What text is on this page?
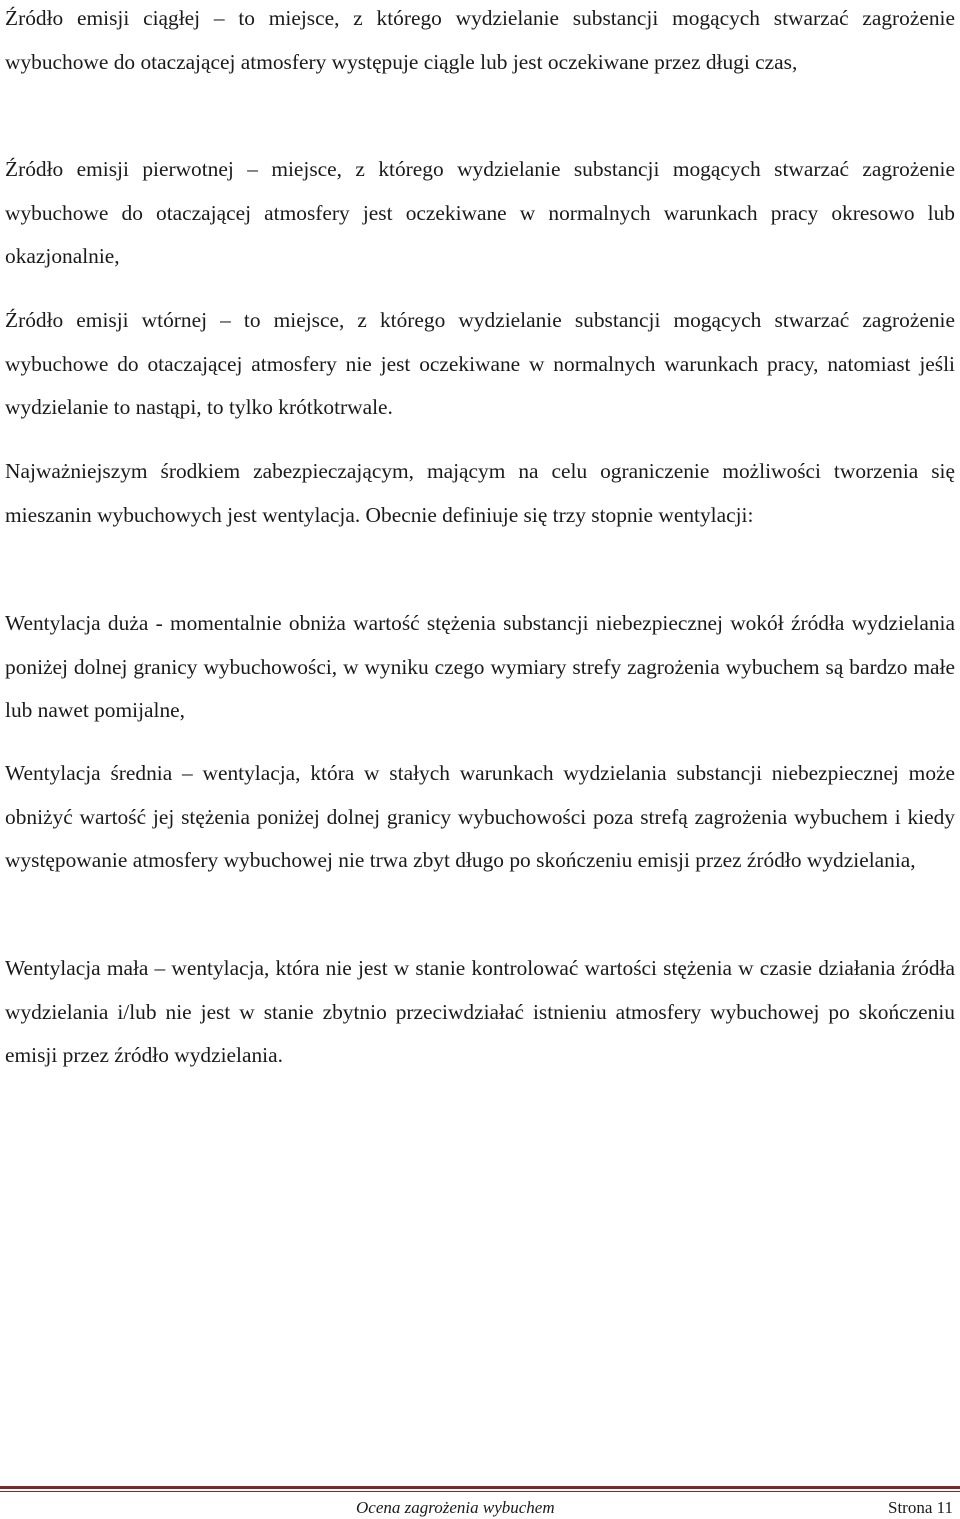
Źródło emisji ciągłej – to miejsce, z którego wydzielanie substancji mogących stwarzać zagrożenie wybuchowe do otaczającej atmosfery występuje ciągle lub jest oczekiwane przez długi czas,

Źródło emisji pierwotnej – miejsce, z którego wydzielanie substancji mogących stwarzać zagrożenie wybuchowe do otaczającej atmosfery jest oczekiwane w normalnych warunkach pracy okresowo lub okazjonalnie,

Źródło emisji wtórnej – to miejsce, z którego wydzielanie substancji mogących stwarzać zagrożenie wybuchowe do otaczającej atmosfery nie jest oczekiwane w normalnych warunkach pracy, natomiast jeśli wydzielanie to nastąpi, to tylko krótkotrwale.

Najważniejszym środkiem zabezpieczającym, mającym na celu ograniczenie możliwości tworzenia się mieszanin wybuchowych jest wentylacja. Obecnie definiuje się trzy stopnie wentylacji:

Wentylacja duża - momentalnie obniża wartość stężenia substancji niebezpiecznej wokół źródła wydzielania poniżej dolnej granicy wybuchowości, w wyniku czego wymiary strefy zagrożenia wybuchem są bardzo małe lub nawet pomijalne,

Wentylacja średnia – wentylacja, która w stałych warunkach wydzielania substancji niebezpiecznej może obniżyć wartość jej stężenia poniżej dolnej granicy wybuchowości poza strefą zagrożenia wybuchem i kiedy występowanie atmosfery wybuchowej nie trwa zbyt długo po skończeniu emisji przez źródło wydzielania,

Wentylacja mała – wentylacja, która nie jest w stanie kontrolować wartości stężenia w czasie działania źródła wydzielania i/lub nie jest w stanie zbytnio przeciwdziałać istnieniu atmosfery wybuchowej po skończeniu emisji przez źródło wydzielania.

Ocena zagrożenia wybuchem	Strona 11
